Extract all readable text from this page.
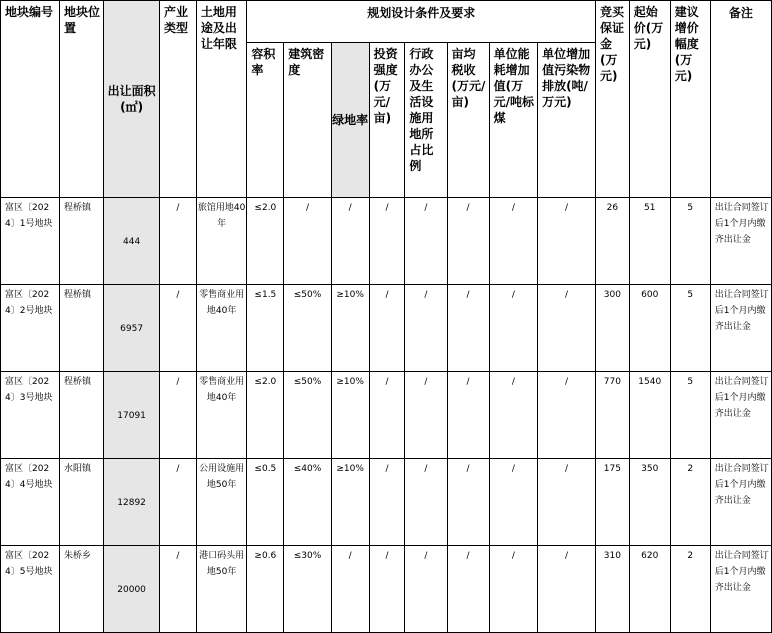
地块编号	地块位置	出让面积(㎡)	产业类型	土地用途及出让年限	规划设计条件及要求								竞买保证金(万元)	起始价(万元)	建议增价幅度(万元)	备注
					容积率	建筑密度	绿地率	投资强度(万元/亩)	行政办公及生活设施用地所占比例	亩均税收(万元/亩)	单位能耗增加值(万元/吨标煤	单位增加值污染物排放(吨/万元)				
富区〔2024〕1号地块	程桥镇	444	/	旅馆用地40年	≤2.0	/	/	/	/	/	/	/	26	51	5	出让合同签订后1个月内缴齐出让金
富区〔2024〕2号地块	程桥镇	6957	/	零售商业用地40年	≤1.5	≤50%	≥10%	/	/	/	/	/	300	600	5	出让合同签订后1个月内缴齐出让金
富区〔2024〕3号地块	程桥镇	17091	/	零售商业用地40年	≤2.0	≤50%	≥10%	/	/	/	/	/	770	1540	5	出让合同签订后1个月内缴齐出让金
富区〔2024〕4号地块	水阳镇	12892	/	公用设施用地50年	≤0.5	≤40%	≥10%	/	/	/	/	/	175	350	2	出让合同签订后1个月内缴齐出让金
富区〔2024〕5号地块	朱桥乡	20000	/	港口码头用地50年	≥0.6	≤30%	/	/	/	/	/	/	310	620	2	出让合同签订后1个月内缴齐出让金
